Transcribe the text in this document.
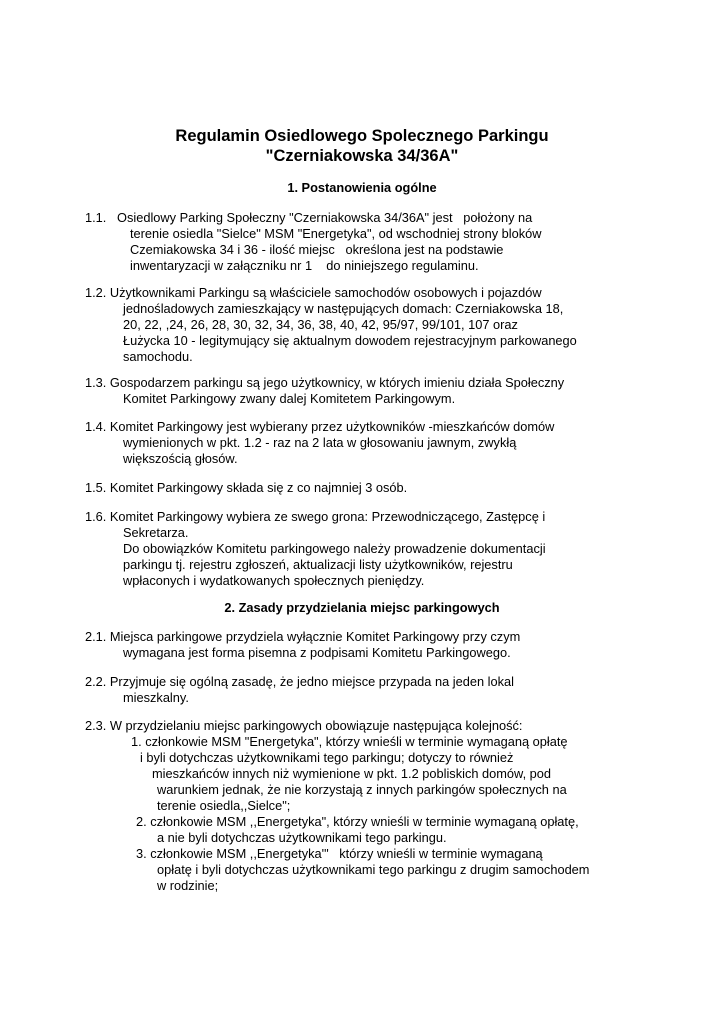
Regulamin Osiedlowego Spolecznego Parkingu
"Czerniakowska 34/36A"
1. Postanowienia ogólne
1.1.   Osiedlowy Parking Społeczny "Czerniakowska 34/36A" jest   położony na
terenie osiedla "Sielce" MSM "Energetyka", od wschodniej strony bloków
Czemiakowska 34 i 36 - ilość miejsc   określona jest na podstawie
inwentaryzacji w załączniku nr 1    do niniejszego regulaminu.
1.2. Użytkownikami Parkingu są właściciele samochodów osobowych i pojazdów
jednośladowych zamieszkający w następujących domach: Czerniakowska 18,
20, 22, ,24, 26, 28, 30, 32, 34, 36, 38, 40, 42, 95/97, 99/101, 107 oraz
Łużycka 10 - legitymujący się aktualnym dowodem rejestracyjnym parkowanego
samochodu.
1.3. Gospodarzem parkingu są jego użytkownicy, w których imieniu działa Społeczny
Komitet Parkingowy zwany dalej Komitetem Parkingowym.
1.4. Komitet Parkingowy jest wybierany przez użytkowników -mieszkańców domów
wymienionych w pkt. 1.2 - raz na 2 lata w głosowaniu jawnym, zwykłą
większością głosów.
1.5. Komitet Parkingowy składa się z co najmniej 3 osób.
1.6. Komitet Parkingowy wybiera ze swego grona: Przewodniczącego, Zastępcę i
Sekretarza.
Do obowiązków Komitetu parkingowego należy prowadzenie dokumentacji
parkingu tj. rejestru zgłoszeń, aktualizacji listy użytkowników, rejestru
wpłaconych i wydatkowanych społecznych pieniędzy.
2. Zasady przydzielania miejsc parkingowych
2.1. Miejsca parkingowe przydziela wyłącznie Komitet Parkingowy przy czym
wymagana jest forma pisemna z podpisami Komitetu Parkingowego.
2.2. Przyjmuje się ogólną zasadę, że jedno miejsce przypada na jeden lokal
mieszkalny.
2.3. W przydzielaniu miejsc parkingowych obowiązuje następująca kolejność:
1. członkowie MSM "Energetyka", którzy wnieśli w terminie wymaganą opłatę
i byli dotychczas użytkownikami tego parkingu; dotyczy to również
mieszkańców innych niż wymienione w pkt. 1.2 pobliskich domów, pod
warunkiem jednak, że nie korzystają z innych parkingów społecznych na
terenie osiedla,,Sielce";
2. członkowie MSM ,,Energetyka", którzy wnieśli w terminie wymaganą opłatę,
a nie byli dotychczas użytkownikami tego parkingu.
3. członkowie MSM ,,Energetyka'"   którzy wnieśli w terminie wymaganą
opłatę i byli dotychczas użytkownikami tego parkingu z drugim samochodem
w rodzinie;
